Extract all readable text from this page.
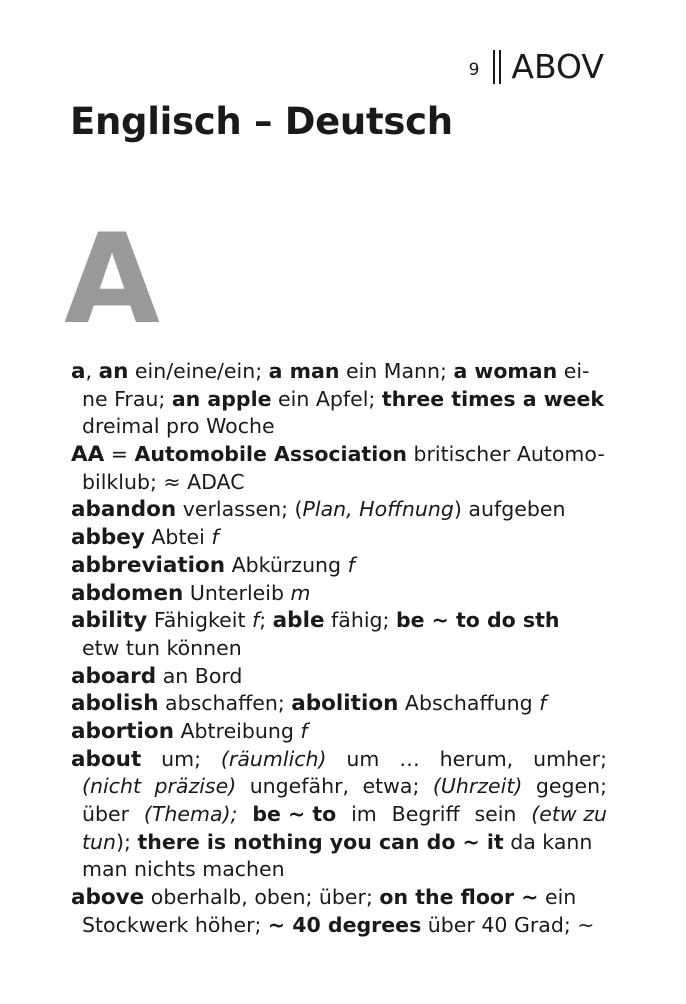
9 ABOV
Englisch – Deutsch
A
a, an ein/eine/ein; a man ein Mann; a woman ei-
ne Frau; an apple ein Apfel; three times a week
dreimal pro Woche
AA = Automobile Association britischer Automo-
bilklub; ≈ ADAC
abandon verlassen; (Plan, Hoffnung) aufgeben
abbey Abtei f
abbreviation Abkürzung f
abdomen Unterleib m
ability Fähigkeit f; able fähig; be ~ to do sth
etw tun können
aboard an Bord
abolish abschaffen; abolition Abschaffung f
abortion Abtreibung f
about um; (räumlich) um … herum, umher;
(nicht präzise) ungefähr, etwa; (Uhrzeit) gegen;
über (Thema); be ~ to im Begriff sein (etw zu
tun); there is nothing you can do ~ it da kann
man nichts machen
above oberhalb, oben; über; on the floor ~ ein
Stockwerk höher; ~ 40 degrees über 40 Grad; ~
